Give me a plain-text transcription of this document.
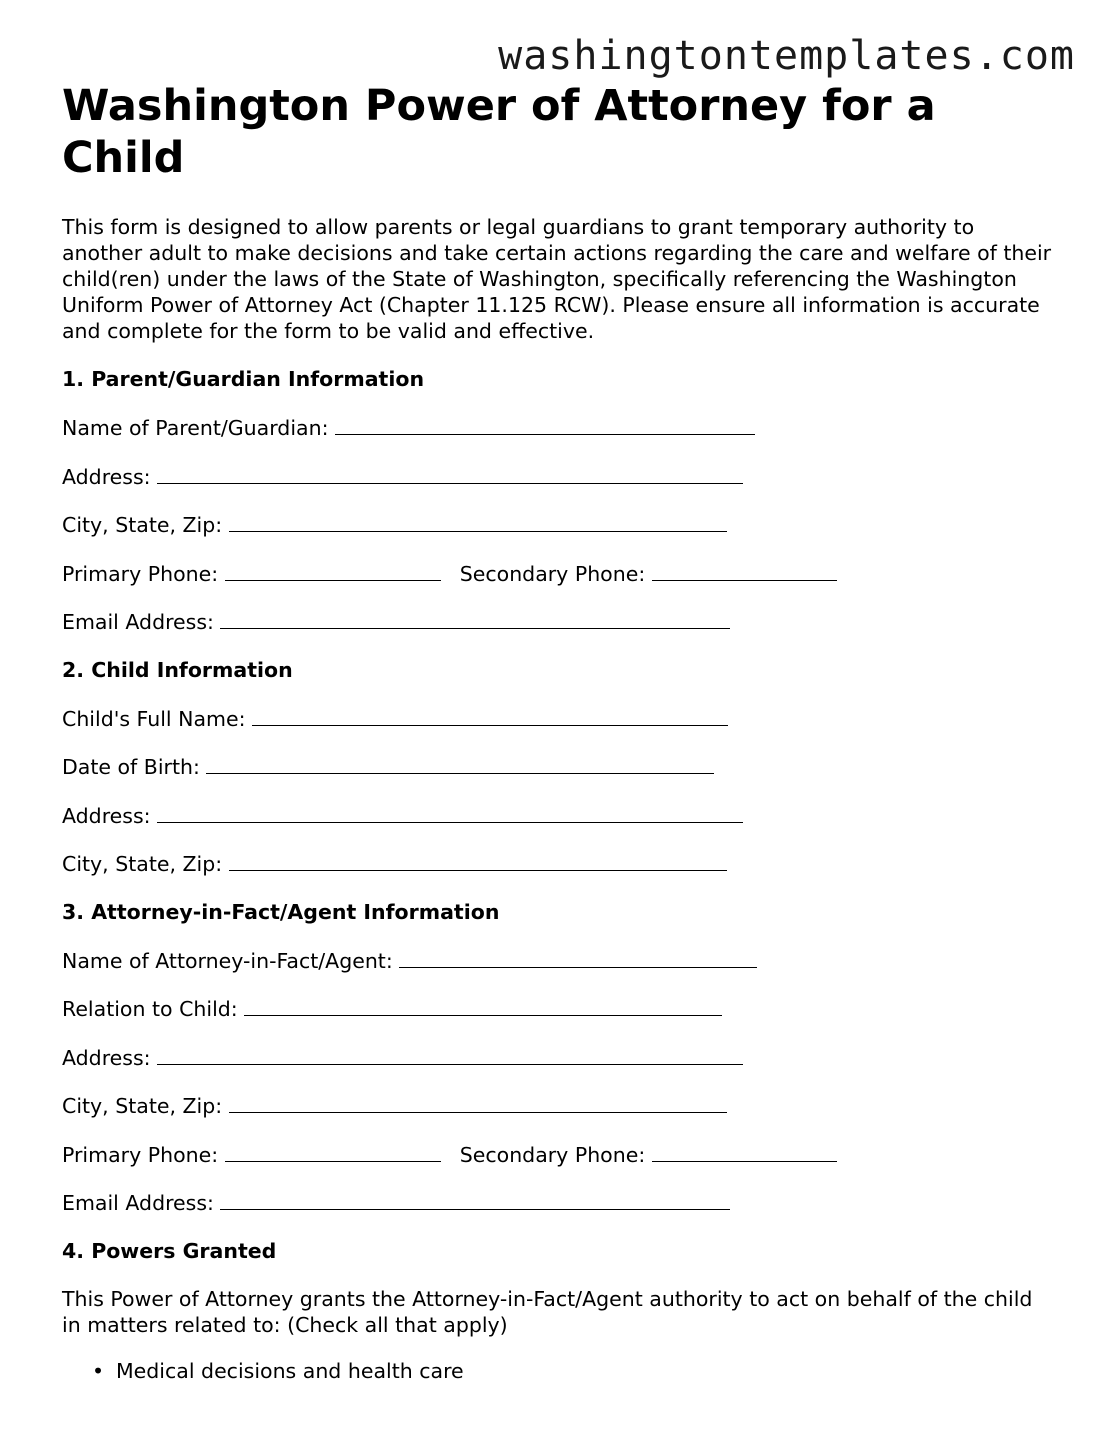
washingtontemplates.com
Washington Power of Attorney for a Child

This form is designed to allow parents or legal guardians to grant temporary authority to another adult to make decisions and take certain actions regarding the care and welfare of their child(ren) under the laws of the State of Washington, specifically referencing the Washington Uniform Power of Attorney Act (Chapter 11.125 RCW). Please ensure all information is accurate and complete for the form to be valid and effective.

1. Parent/Guardian Information
Name of Parent/Guardian:
Address:
City, State, Zip:
Primary Phone:	Secondary Phone:
Email Address:
2. Child Information
Child's Full Name:
Date of Birth:
Address:
City, State, Zip:
3. Attorney-in-Fact/Agent Information
Name of Attorney-in-Fact/Agent:
Relation to Child:
Address:
City, State, Zip:
Primary Phone:	Secondary Phone:
Email Address:
4. Powers Granted

This Power of Attorney grants the Attorney-in-Fact/Agent authority to act on behalf of the child in matters related to: (Check all that apply)

• Medical decisions and health care
